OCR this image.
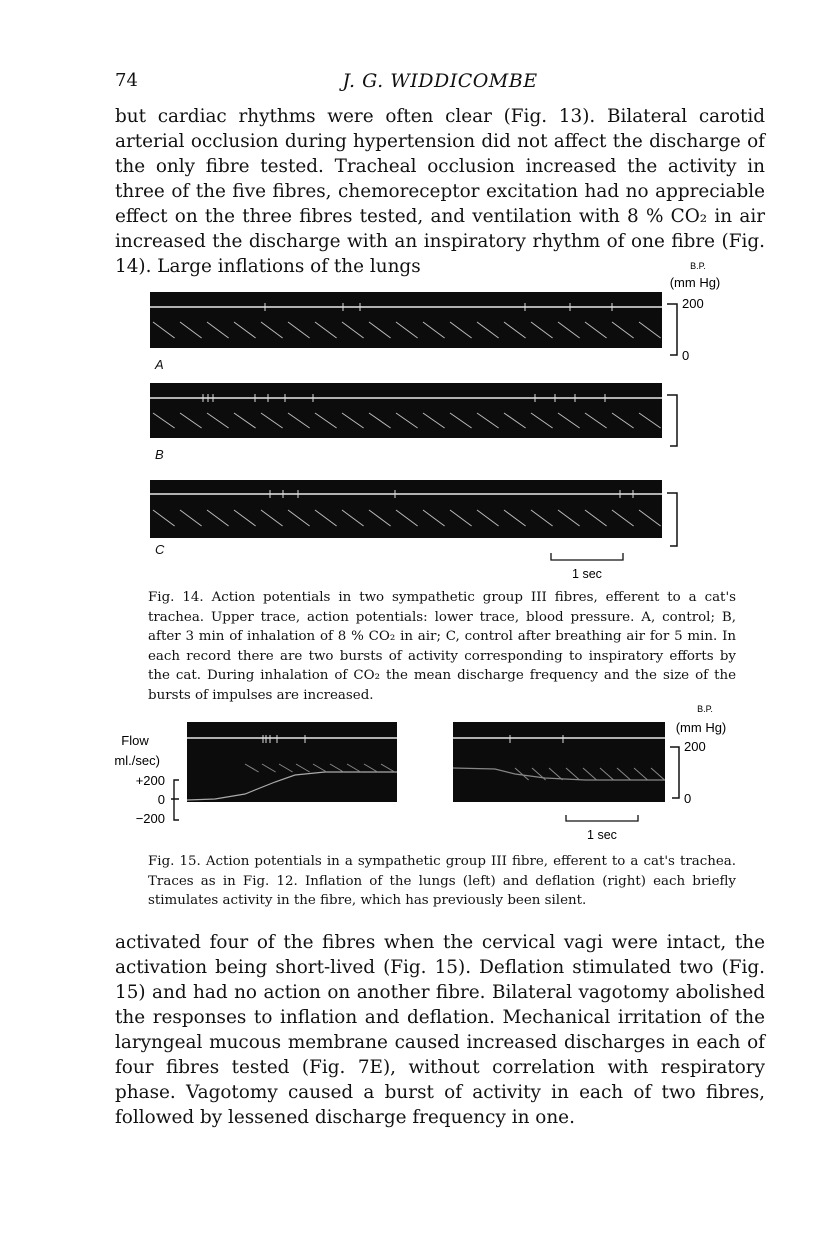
74	J. G. WIDDICOMBE

but cardiac rhythms were often clear (Fig. 13). Bilateral carotid arterial occlusion during hypertension did not affect the discharge of the only fibre tested. Tracheal occlusion increased the activity in three of the five fibres, chemoreceptor excitation had no appreciable effect on the three fibres tested, and ventilation with 8 % CO₂ in air increased the discharge with an inspiratory rhythm of one fibre (Fig. 14). Large inflations of the lungs	B.P.
(mm Hg)
200
0
A
B
C
1 sec

Fig. 14. Action potentials in two sympathetic group III fibres, efferent to a cat's trachea. Upper trace, action potentials: lower trace, blood pressure. A, control; B, after 3 min of inhalation of 8 % CO₂ in air; C, control after breathing air for 5 min. In each record there are two bursts of activity corresponding to inspiratory efforts by the cat. During inhalation of CO₂ the mean discharge frequency and the size of the bursts of impulses are increased.

Flow
(ml./sec)
+200
0
−200
B.P.
(mm Hg)
200
0
1 sec

Fig. 15. Action potentials in a sympathetic group III fibre, efferent to a cat's trachea. Traces as in Fig. 12. Inflation of the lungs (left) and deflation (right) each briefly stimulates activity in the fibre, which has previously been silent.

activated four of the fibres when the cervical vagi were intact, the activation being short-lived (Fig. 15). Deflation stimulated two (Fig. 15) and had no action on another fibre. Bilateral vagotomy abolished the responses to inflation and deflation. Mechanical irritation of the laryngeal mucous membrane caused increased discharges in each of four fibres tested (Fig. 7E), without correlation with respiratory phase. Vagotomy caused a burst of activity in each of two fibres, followed by lessened discharge frequency in one.
